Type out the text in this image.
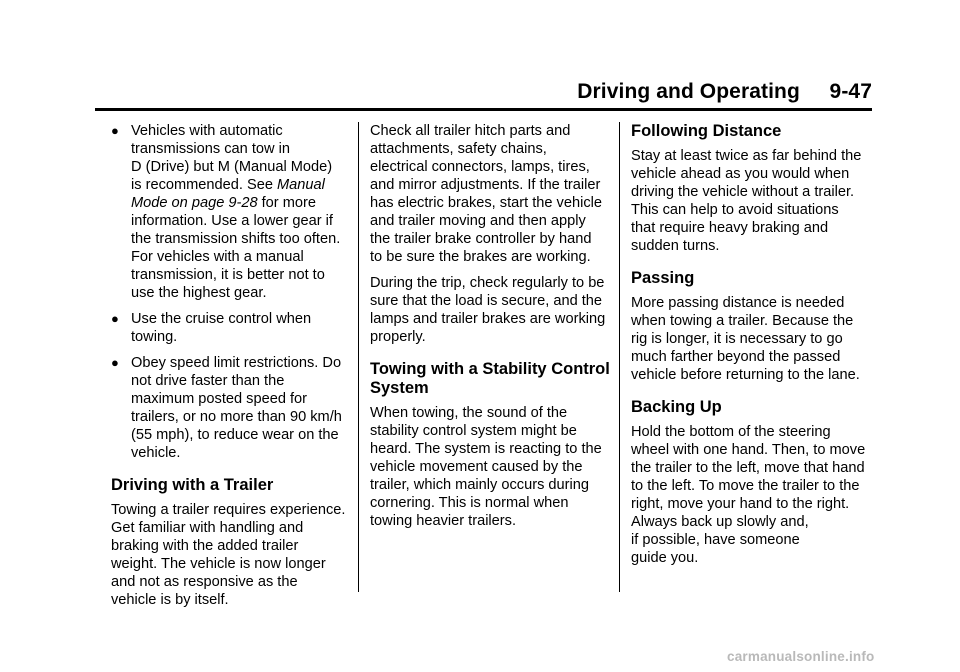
Driving and Operating     9-47
● Vehicles with automatic
transmissions can tow in
D (Drive) but M (Manual Mode)
is recommended. See Manual
Mode on page 9-28 for more
information. Use a lower gear if
the transmission shifts too often.
For vehicles with a manual
transmission, it is better not to
use the highest gear.
● Use the cruise control when
towing.
● Obey speed limit restrictions. Do
not drive faster than the
maximum posted speed for
trailers, or no more than 90 km/h
(55 mph), to reduce wear on the
vehicle.
Driving with a Trailer

Towing a trailer requires experience.
Get familiar with handling and
braking with the added trailer
weight. The vehicle is now longer
and not as responsive as the
vehicle is by itself.

Check all trailer hitch parts and
attachments, safety chains,
electrical connectors, lamps, tires,
and mirror adjustments. If the trailer
has electric brakes, start the vehicle
and trailer moving and then apply
the trailer brake controller by hand
to be sure the brakes are working.

During the trip, check regularly to be
sure that the load is secure, and the
lamps and trailer brakes are working
properly.

Towing with a Stability Control
System

When towing, the sound of the
stability control system might be
heard. The system is reacting to the
vehicle movement caused by the
trailer, which mainly occurs during
cornering. This is normal when
towing heavier trailers.

Following Distance

Stay at least twice as far behind the
vehicle ahead as you would when
driving the vehicle without a trailer.
This can help to avoid situations
that require heavy braking and
sudden turns.

Passing

More passing distance is needed
when towing a trailer. Because the
rig is longer, it is necessary to go
much farther beyond the passed
vehicle before returning to the lane.

Backing Up

Hold the bottom of the steering
wheel with one hand. Then, to move
the trailer to the left, move that hand
to the left. To move the trailer to the
right, move your hand to the right.
Always back up slowly and,
if possible, have someone
guide you.

carmanualsonline.info
